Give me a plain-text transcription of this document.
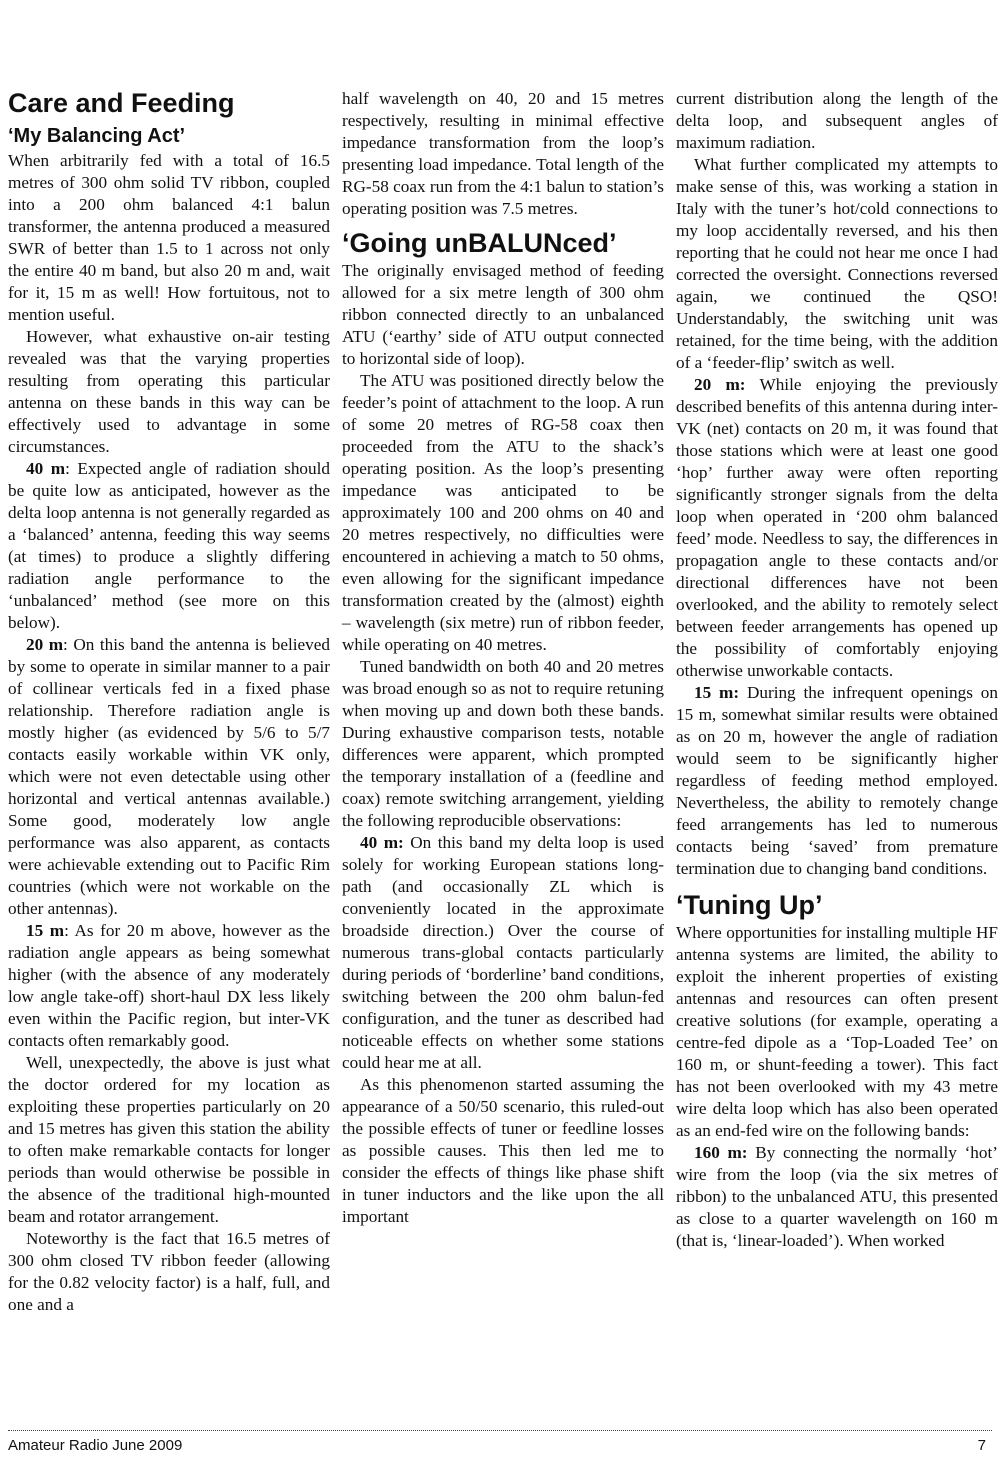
Care and Feeding
‘My Balancing Act’

When arbitrarily fed with a total of 16.5 metres of 300 ohm solid TV ribbon, coupled into a 200 ohm balanced 4:1 balun transformer, the antenna produced a measured SWR of better than 1.5 to 1 across not only the entire 40 m band, but also 20 m and, wait for it, 15 m as well! How fortuitous, not to mention useful.

However, what exhaustive on-air testing revealed was that the varying properties resulting from operating this particular antenna on these bands in this way can be effectively used to advantage in some circumstances.

40 m: Expected angle of radiation should be quite low as anticipated, however as the delta loop antenna is not generally regarded as a ‘balanced’ antenna, feeding this way seems (at times) to produce a slightly differing radiation angle performance to the ‘unbalanced’ method (see more on this below).

20 m: On this band the antenna is believed by some to operate in similar manner to a pair of collinear verticals fed in a fixed phase relationship. Therefore radiation angle is mostly higher (as evidenced by 5/6 to 5/7 contacts easily workable within VK only, which were not even detectable using other horizontal and vertical antennas available.) Some good, moderately low angle performance was also apparent, as contacts were achievable extending out to Pacific Rim countries (which were not workable on the other antennas).

15 m: As for 20 m above, however as the radiation angle appears as being somewhat higher (with the absence of any moderately low angle take-off) short-haul DX less likely even within the Pacific region, but inter-VK contacts often remarkably good.

Well, unexpectedly, the above is just what the doctor ordered for my location as exploiting these properties particularly on 20 and 15 metres has given this station the ability to often make remarkable contacts for longer periods than would otherwise be possible in the absence of the traditional high-mounted beam and rotator arrangement.

Noteworthy is the fact that 16.5 metres of 300 ohm closed TV ribbon feeder (allowing for the 0.82 velocity factor) is a half, full, and one and a

half wavelength on 40, 20 and 15 metres respectively, resulting in minimal effective impedance transformation from the loop’s presenting load impedance. Total length of the RG-58 coax run from the 4:1 balun to station’s operating position was 7.5 metres.

‘Going unBALUNced’

The originally envisaged method of feeding allowed for a six metre length of 300 ohm ribbon connected directly to an unbalanced ATU (‘earthy’ side of ATU output connected to horizontal side of loop).

The ATU was positioned directly below the feeder’s point of attachment to the loop. A run of some 20 metres of RG-58 coax then proceeded from the ATU to the shack’s operating position. As the loop’s presenting impedance was anticipated to be approximately 100 and 200 ohms on 40 and 20 metres respectively, no difficulties were encountered in achieving a match to 50 ohms, even allowing for the significant impedance transformation created by the (almost) eighth – wavelength (six metre) run of ribbon feeder, while operating on 40 metres.

Tuned bandwidth on both 40 and 20 metres was broad enough so as not to require retuning when moving up and down both these bands. During exhaustive comparison tests, notable differences were apparent, which prompted the temporary installation of a (feedline and coax) remote switching arrangement, yielding the following reproducible observations:

40 m: On this band my delta loop is used solely for working European stations long-path (and occasionally ZL which is conveniently located in the approximate broadside direction.) Over the course of numerous trans-global contacts particularly during periods of ‘borderline’ band conditions, switching between the 200 ohm balun-fed configuration, and the tuner as described had noticeable effects on whether some stations could hear me at all.

As this phenomenon started assuming the appearance of a 50/50 scenario, this ruled-out the possible effects of tuner or feedline losses as possible causes. This then led me to consider the effects of things like phase shift in tuner inductors and the like upon the all important

current distribution along the length of the delta loop, and subsequent angles of maximum radiation.

What further complicated my attempts to make sense of this, was working a station in Italy with the tuner’s hot/cold connections to my loop accidentally reversed, and his then reporting that he could not hear me once I had corrected the oversight. Connections reversed again, we continued the QSO! Understandably, the switching unit was retained, for the time being, with the addition of a ‘feeder-flip’ switch as well.

20 m: While enjoying the previously described benefits of this antenna during inter-VK (net) contacts on 20 m, it was found that those stations which were at least one good ‘hop’ further away were often reporting significantly stronger signals from the delta loop when operated in ‘200 ohm balanced feed’ mode. Needless to say, the differences in propagation angle to these contacts and/or directional differences have not been overlooked, and the ability to remotely select between feeder arrangements has opened up the possibility of comfortably enjoying otherwise unworkable contacts.

15 m: During the infrequent openings on 15 m, somewhat similar results were obtained as on 20 m, however the angle of radiation would seem to be significantly higher regardless of feeding method employed. Nevertheless, the ability to remotely change feed arrangements has led to numerous contacts being ‘saved’ from premature termination due to changing band conditions.

‘Tuning Up’

Where opportunities for installing multiple HF antenna systems are limited, the ability to exploit the inherent properties of existing antennas and resources can often present creative solutions (for example, operating a centre-fed dipole as a ‘Top-Loaded Tee’ on 160 m, or shunt-feeding a tower). This fact has not been overlooked with my 43 metre wire delta loop which has also been operated as an end-fed wire on the following bands:

160 m: By connecting the normally ‘hot’ wire from the loop (via the six metres of ribbon) to the unbalanced ATU, this presented as close to a quarter wavelength on 160 m (that is, ‘linear-loaded’). When worked

Amateur Radio June 2009	7
